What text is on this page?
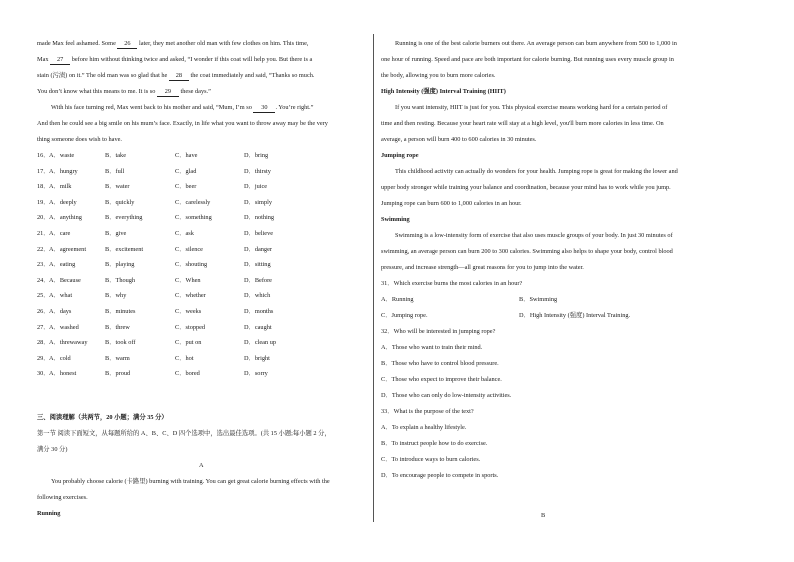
made Max feel ashamed. Some 26 later, they met another old man with few clothes on him. This time,
Max 27 before him without thinking twice and asked, “I wonder if this coat will help you. But there is a
stain (污渍) on it.” The old man was so glad that he 28 the coat immediately and said, “Thanks so much.
You don’t know what this means to me. It is so 29 these days.”
With his face turning red, Max went back to his mother and said, “Mum, I’m so 30 . You’re right.”
And then he could see a big smile on his mum’s face. Exactly, in life what you want to throw away may be the very
thing someone does wish to have.
16． A．waste	B．take	C．have	D．bring
17． A．hungry	B．full	C．glad	D．thirsty
18． A．milk	B．water	C．beer	D．juice
19． A．deeply	B．quickly	C．carelessly	D．simply
20． A．anything	B．everything	C．something	D．nothing
21． A．care	B．give	C．ask	D．believe
22． A．agreement	B．excitement	C．silence	D．danger
23． A．eating	B．playing	C．shouting	D．sitting
24． A．Because	B．Though	C．When	D．Before
25． A．what	B．why	C．whether	D．which
26． A．days	B．minutes	C．weeks	D．months
27． A．washed	B．threw	C．stopped	D．caught
28． A．threwaway	B．took off	C．put on	D．clean up
29． A．cold	B．warm	C．hot	D．bright
30． A．honest	B．proud	C．bored	D．sorry
三、阅读理解（共两节，20 小题；满分 35 分）
第一节 阅读下面短文，从每题所给的 A、B、C、D 四个选项中，选出最佳选项。(共 15 小题;每小题 2 分，
满分 30 分)
A
You probably choose calorie (卡路里) burning with training. You can get great calorie burning effects with the
following exercises.
Running
Running is one of the best calorie burners out there. An average person can burn anywhere from 500 to 1,000 in
one hour of running. Speed and pace are both important for calorie burning. But running uses every muscle group in
the body, allowing you to burn more calories.
High Intensity (强度) Interval Training (HIIT)
If you want intensity, HIIT is just for you. This physical exercise means working hard for a certain period of
time and then resting. Because your heart rate will stay at a high level, you'll burn more calories in less time. On
average, a person will burn 400 to 600 calories in 30 minutes.
Jumping rope
This childhood activity can actually do wonders for your health. Jumping rope is great for making the lower and
upper body stronger while training your balance and coordination, because your mind has to work while you jump.
Jumping rope can burn 600 to 1,000 calories in an hour.
Swimming
Swimming is a low-intensity form of exercise that also uses muscle groups of your body. In just 30 minutes of
swimming, an average person can burn 200 to 300 calories. Swimming also helps to shape your body, control blood
pressure, and increase strength—all great reasons for you to jump into the water.
31．Which exercise burns the most calories in an hour?
A．Running	B．Swimming
C．Jumping rope.	D．High Intensity (强度) Interval Training.
32．Who will be interested in jumping rope?
A．Those who want to train their mind.
B．Those who have to control blood pressure.
C．Those who expect to improve their balance.
D．Those who can only do low-intensity activities.
33．What is the purpose of the text?
A．To explain a healthy lifestyle.
B．To instruct people how to do exercise.
C．To introduce ways to burn calories.
D．To encourage people to compete in sports.
B
